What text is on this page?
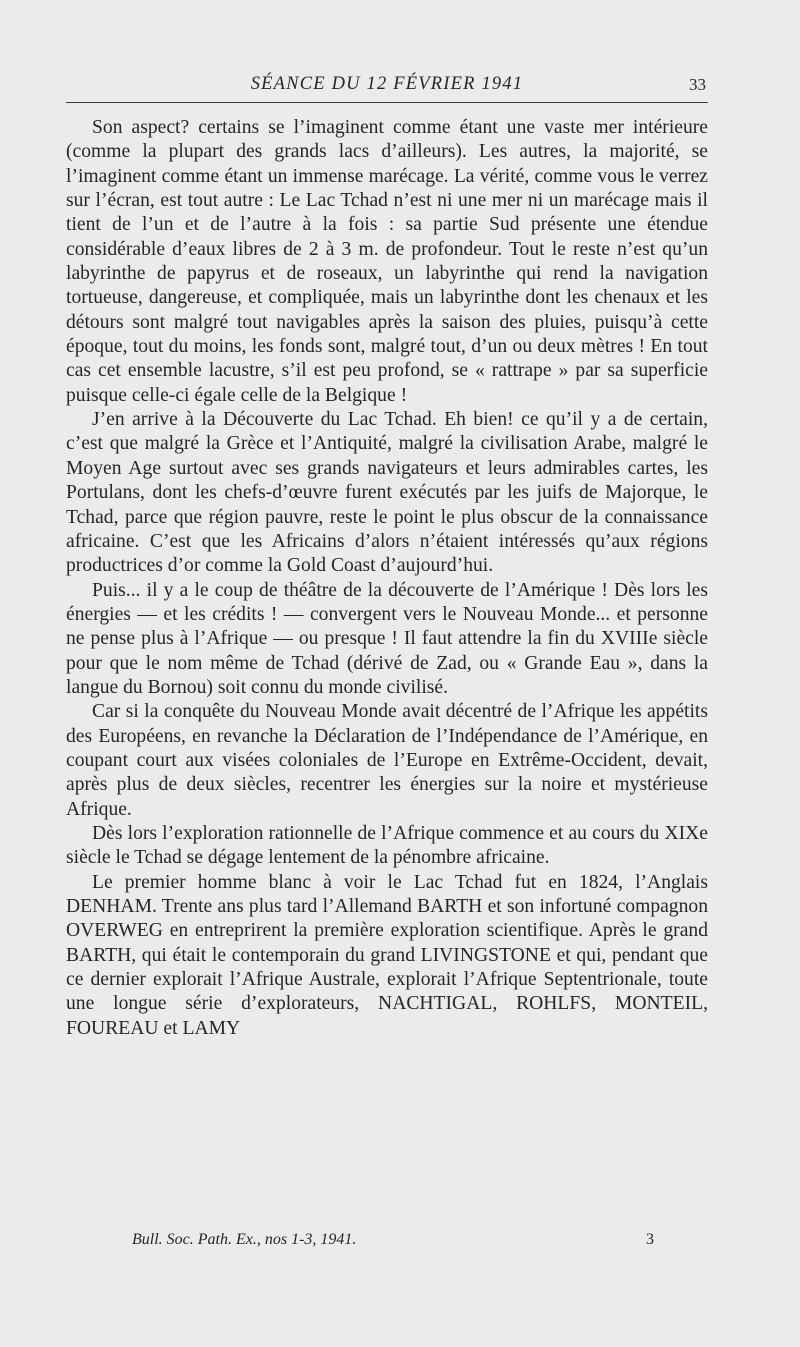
SÉANCE DU 12 FÉVRIER 1941	33

Son aspect? certains se l’imaginent comme étant une vaste mer intérieure (comme la plupart des grands lacs d’ailleurs). Les autres, la majorité, se l’imaginent comme étant un immense marécage. La vérité, comme vous le verrez sur l’écran, est tout autre : Le Lac Tchad n’est ni une mer ni un marécage mais il tient de l’un et de l’autre à la fois : sa partie Sud présente une étendue considérable d’eaux libres de 2 à 3 m. de profondeur. Tout le reste n’est qu’un labyrinthe de papyrus et de roseaux, un labyrinthe qui rend la navigation tortueuse, dangereuse, et compliquée, mais un labyrinthe dont les chenaux et les détours sont malgré tout navigables après la saison des pluies, puisqu’à cette époque, tout du moins, les fonds sont, malgré tout, d’un ou deux mètres ! En tout cas cet ensemble lacustre, s’il est peu profond, se « rattrape » par sa superficie puisque celle-ci égale celle de la Belgique !

J’en arrive à la Découverte du Lac Tchad. Eh bien! ce qu’il y a de certain, c’est que malgré la Grèce et l’Antiquité, malgré la civilisation Arabe, malgré le Moyen Age surtout avec ses grands navigateurs et leurs admirables cartes, les Portulans, dont les chefs-d’œuvre furent exécutés par les juifs de Majorque, le Tchad, parce que région pauvre, reste le point le plus obscur de la connaissance africaine. C’est que les Africains d’alors n’étaient intéressés qu’aux régions productrices d’or comme la Gold Coast d’aujourd’hui.

Puis... il y a le coup de théâtre de la découverte de l’Amérique ! Dès lors les énergies — et les crédits ! — convergent vers le Nouveau Monde... et personne ne pense plus à l’Afrique — ou presque ! Il faut attendre la fin du XVIIIe siècle pour que le nom même de Tchad (dérivé de Zad, ou « Grande Eau », dans la langue du Bornou) soit connu du monde civilisé.

Car si la conquête du Nouveau Monde avait décentré de l’Afrique les appétits des Européens, en revanche la Déclaration de l’Indépendance de l’Amérique, en coupant court aux visées coloniales de l’Europe en Extrême-Occident, devait, après plus de deux siècles, recentrer les énergies sur la noire et mystérieuse Afrique.

Dès lors l’exploration rationnelle de l’Afrique commence et au cours du XIXe siècle le Tchad se dégage lentement de la pénombre africaine.

Le premier homme blanc à voir le Lac Tchad fut en 1824, l’Anglais DENHAM. Trente ans plus tard l’Allemand BARTH et son infortuné compagnon OVERWEG en entreprirent la première exploration scientifique. Après le grand BARTH, qui était le contemporain du grand LIVINGSTONE et qui, pendant que ce dernier explorait l’Afrique Australe, explorait l’Afrique Septentrionale, toute une longue série d’explorateurs, NACHTIGAL, ROHLFS, MONTEIL, FOUREAU et LAMY

Bull. Soc. Path. Ex., nos 1-3, 1941.	3
